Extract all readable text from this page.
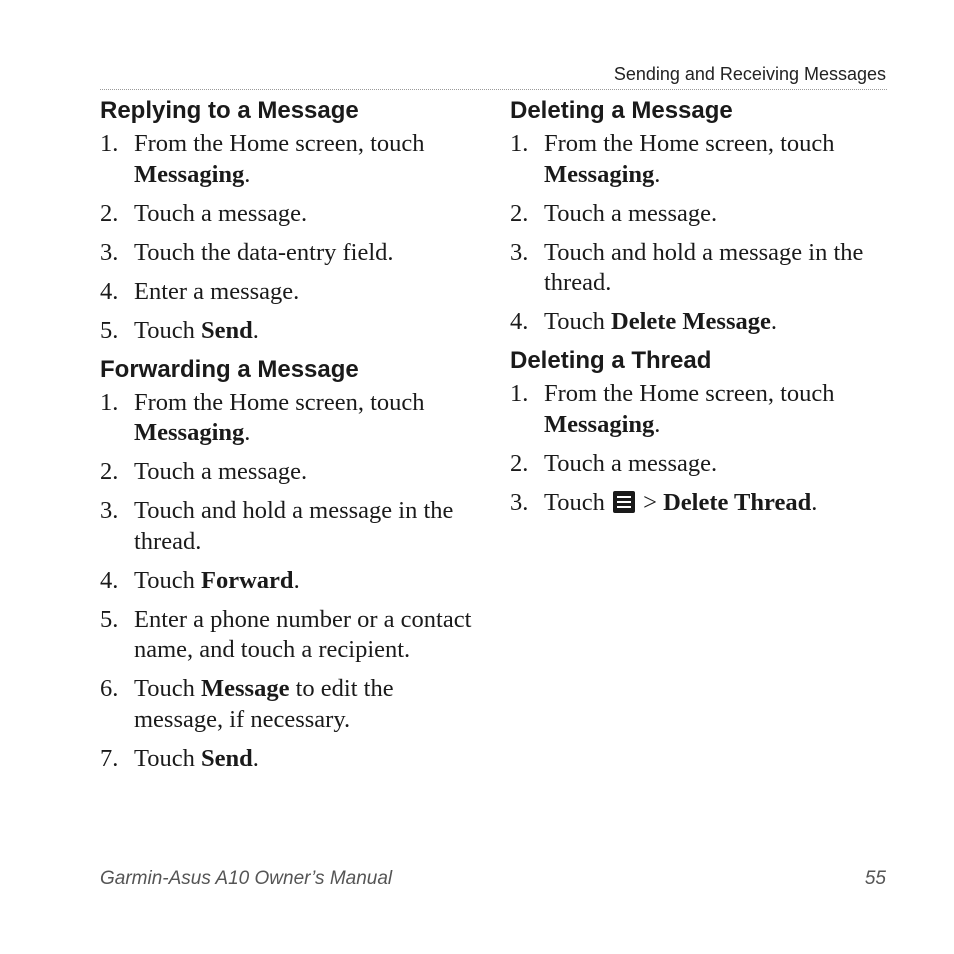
Sending and Receiving Messages
Replying to a Message
1. From the Home screen, touch Messaging.
2. Touch a message.
3. Touch the data-entry field.
4. Enter a message.
5. Touch Send.
Forwarding a Message
1. From the Home screen, touch Messaging.
2. Touch a message.
3. Touch and hold a message in the thread.
4. Touch Forward.
5. Enter a phone number or a contact name, and touch a recipient.
6. Touch Message to edit the message, if necessary.
7. Touch Send.
Deleting a Message
1. From the Home screen, touch Messaging.
2. Touch a message.
3. Touch and hold a message in the thread.
4. Touch Delete Message.
Deleting a Thread
1. From the Home screen, touch Messaging.
2. Touch a message.
3. Touch
> Delete Thread.
Garmin-Asus A10 Owner’s Manual	55
